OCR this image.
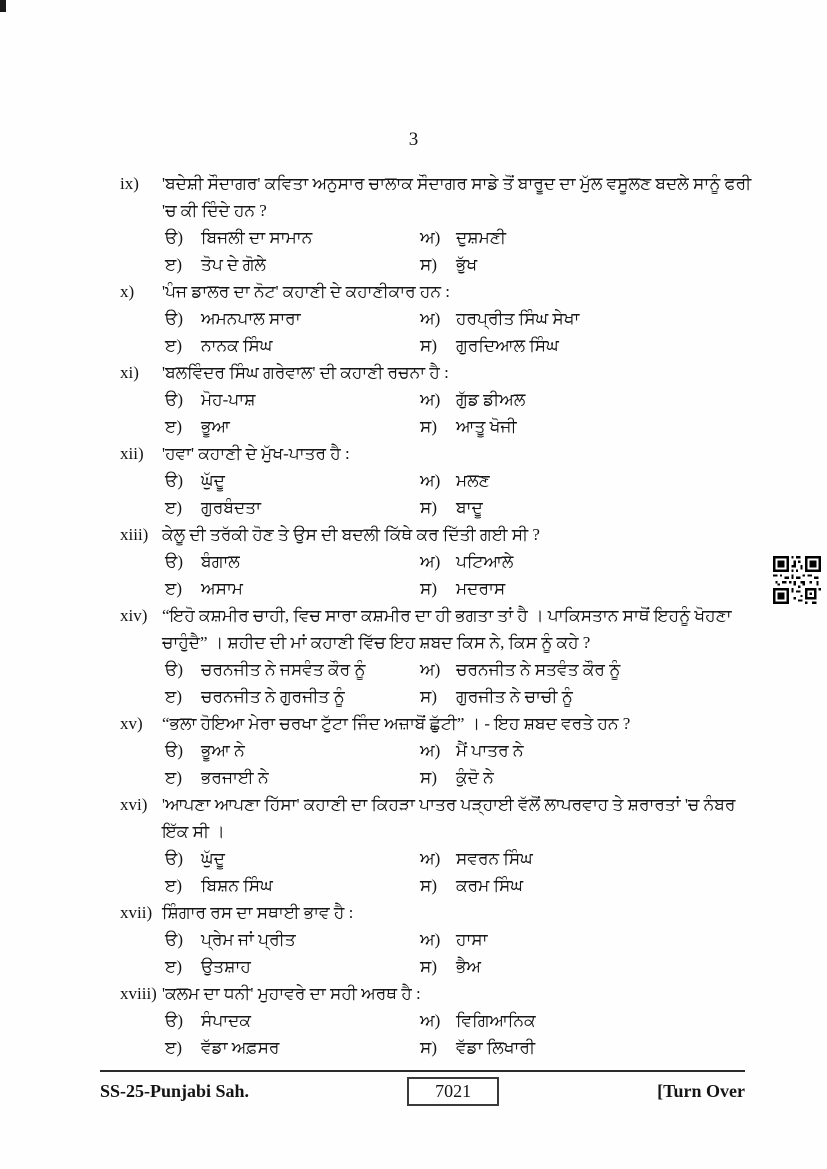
3
ix)	'ਬਦੇਸ਼ੀ ਸੌਦਾਗਰ' ਕਵਿਤਾ ਅਨੁਸਾਰ ਚਾਲਾਕ ਸੌਦਾਗਰ ਸਾਡੇ ਤੋਂ ਬਾਰੂਦ ਦਾ ਮੁੱਲ ਵਸੂਲਣ ਬਦਲੇ ਸਾਨੂੰ ਫਰੀ 'ਚ ਕੀ ਦਿੰਦੇ ਹਨ ?
ੳ)	ਬਿਜਲੀ ਦਾ ਸਾਮਾਨ	ਅ) ਦੁਸ਼ਮਣੀ
ੲ)	ਤੋਪ ਦੇ ਗੋਲੇ	ਸ)	ਭੁੱਖ
x)	'ਪੰਜ ਡਾਲਰ ਦਾ ਨੋਟ' ਕਹਾਣੀ ਦੇ ਕਹਾਣੀਕਾਰ ਹਨ :
ੳ)	ਅਮਨਪਾਲ ਸਾਰਾ	ਅ) ਹਰਪ੍ਰੀਤ ਸਿੰਘ ਸੇਖਾ
ੲ)	ਨਾਨਕ ਸਿੰਘ	ਸ)	ਗੁਰਦਿਆਲ ਸਿੰਘ
xi)	'ਬਲਵਿੰਦਰ ਸਿੰਘ ਗਰੇਵਾਲ' ਦੀ ਕਹਾਣੀ ਰਚਨਾ ਹੈ :
ੳ)	ਮੋਹ-ਪਾਸ਼	ਅ) ਗੁੱਡ ਡੀਅਲ
ੲ)	ਭੂਆ	ਸ)	ਆਤੂ ਖੋਜੀ
xii)	'ਹਵਾ' ਕਹਾਣੀ ਦੇ ਮੁੱਖ-ਪਾਤਰ ਹੈ :
ੳ)	ਘੁੱਦੂ	ਅ) ਮਲਣ
ੲ)	ਗੁਰਬੰਦਤਾ	ਸ)	ਬਾਦੂ
xiii) ਕੇਲੂ ਦੀ ਤਰੱਕੀ ਹੋਣ ਤੇ ਉਸ ਦੀ ਬਦਲੀ ਕਿੱਥੇ ਕਰ ਦਿੱਤੀ ਗਈ ਸੀ ?
ੳ)	ਬੰਗਾਲ	ਅ) ਪਟਿਆਲੇ
ੲ)	ਅਸਾਮ	ਸ)	ਮਦਰਾਸ
xiv) “ਇਹੋ ਕਸ਼ਮੀਰ ਚਾਹੀ, ਵਿਚ ਸਾਰਾ ਕਸ਼ਮੀਰ ਦਾ ਹੀ ਭਗਤਾ ਤਾਂ ਹੈ । ਪਾਕਿਸਤਾਨ ਸਾਥੋਂ ਇਹਨੂੰ ਖੋਹਣਾ ਚਾਹੁੰਦੈ” । ਸ਼ਹੀਦ ਦੀ ਮਾਂ ਕਹਾਣੀ ਵਿੱਚ ਇਹ ਸ਼ਬਦ ਕਿਸ ਨੇ, ਕਿਸ ਨੂੰ ਕਹੇ ?
ੳ)	ਚਰਨਜੀਤ ਨੇ ਜਸਵੰਤ ਕੌਰ ਨੂੰ	ਅ) ਚਰਨਜੀਤ ਨੇ ਸਤਵੰਤ ਕੌਰ ਨੂੰ
ੲ)	ਚਰਨਜੀਤ ਨੇ ਗੁਰਜੀਤ ਨੂੰ	ਸ)	ਗੁਰਜੀਤ ਨੇ ਚਾਚੀ ਨੂੰ
xv)	“ਭਲਾ ਹੋਇਆ ਮੇਰਾ ਚਰਖਾ ਟੁੱਟਾ ਜਿੰਦ ਅਜ਼ਾਬੋਂ ਛੁੱਟੀ” । - ਇਹ ਸ਼ਬਦ ਵਰਤੇ ਹਨ ?
ੳ)	ਭੂਆ ਨੇ	ਅ) ਮੈਂ ਪਾਤਰ ਨੇ
ੲ)	ਭਰਜਾਈ ਨੇ	ਸ)	ਕੁੰਦੋ ਨੇ
xvi) 'ਆਪਣਾ ਆਪਣਾ ਹਿੱਸਾ' ਕਹਾਣੀ ਦਾ ਕਿਹੜਾ ਪਾਤਰ ਪੜ੍ਹਾਈ ਵੱਲੋਂ ਲਾਪਰਵਾਹ ਤੇ ਸ਼ਰਾਰਤਾਂ 'ਚ ਨੰਬਰ ਇੱਕ ਸੀ ।
ੳ)	ਘੁੱਦੂ	ਅ) ਸਵਰਨ ਸਿੰਘ
ੲ)	ਬਿਸ਼ਨ ਸਿੰਘ	ਸ)	ਕਰਮ ਸਿੰਘ
xvii) ਸ਼ਿੰਗਾਰ ਰਸ ਦਾ ਸਥਾਈ ਭਾਵ ਹੈ :
ੳ)	ਪ੍ਰੇਮ ਜਾਂ ਪ੍ਰੀਤ	ਅ) ਹਾਸਾ
ੲ)	ਉਤਸ਼ਾਹ	ਸ)	ਭੈਅ
xviii) 'ਕਲਮ ਦਾ ਧਨੀ' ਮੁਹਾਵਰੇ ਦਾ ਸਹੀ ਅਰਥ ਹੈ :
ੳ)	ਸੰਪਾਦਕ	ਅ) ਵਿਗਿਆਨਿਕ
ੲ)	ਵੱਡਾ ਅਫ਼ਸਰ	ਸ)	ਵੱਡਾ ਲਿਖਾਰੀ
SS-25-Punjabi Sah.	7021	[Turn Over
